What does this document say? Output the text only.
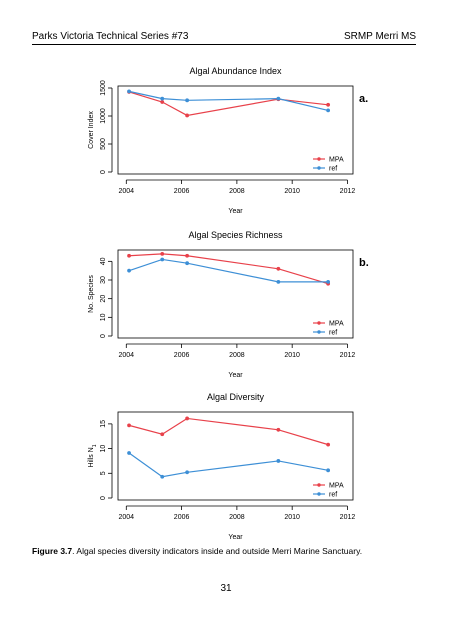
Parks Victoria Technical Series #73	SRMP Merri MS
Algal Abundance Index
a.
2004	2006	2008	2010	2012
Year
0
500
1000
1500
Cover Index
MPA
ref
Algal Species Richness
b.
2004	2006	2008	2010	2012
Year
0
10
20
30
40
No. Species
MPA
ref
Algal Diversity
2004	2006	2008	2010	2012
Year
0
5
10
15
Hills $N_1$
MPA
ref
Figure 3.7. Algal species diversity indicators inside and outside Merri Marine Sanctuary.
31
